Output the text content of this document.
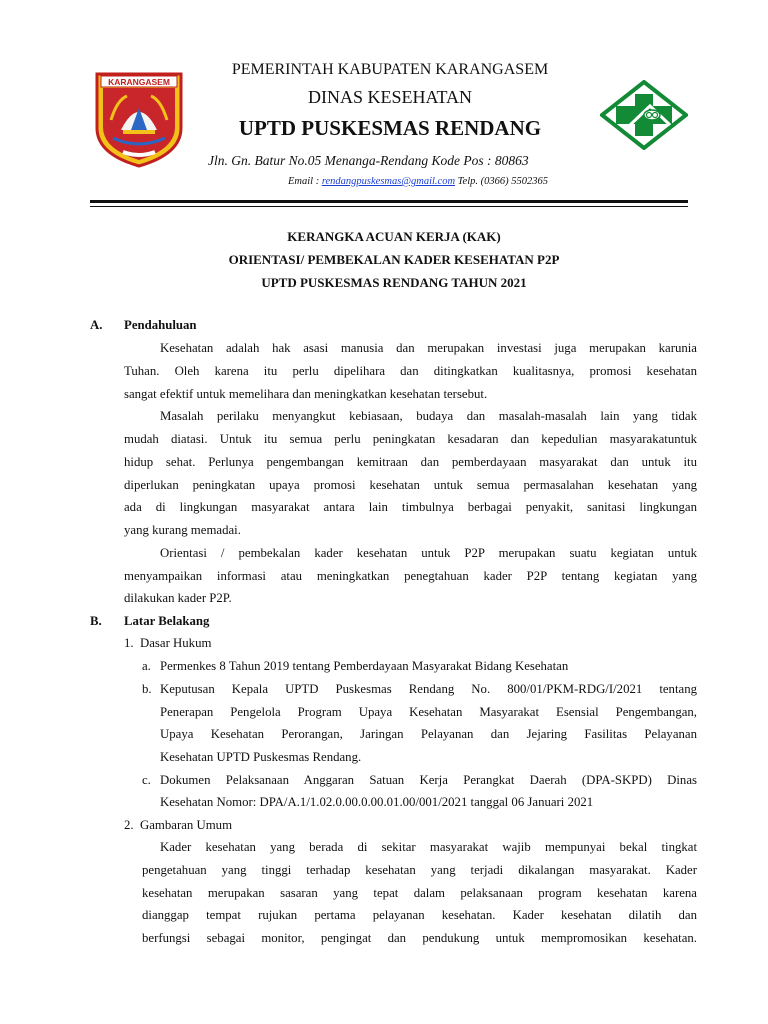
KARANGASEM
PEMERINTAH KABUPATEN KARANGASEM
DINAS KESEHATAN
UPTD PUSKESMAS RENDANG
Jln. Gn. Batur No.05 Menanga-Rendang Kode Pos : 80863
Email : rendangpuskesmas@gmail.com Telp. (0366) 5502365
KERANGKA ACUAN KERJA (KAK)
ORIENTASI/ PEMBEKALAN KADER KESEHATAN P2P
UPTD PUSKESMAS RENDANG TAHUN 2021
A. Pendahuluan
Kesehatan adalah hak asasi manusia dan merupakan investasi juga merupakan karunia
Tuhan. Oleh karena itu perlu dipelihara dan ditingkatkan kualitasnya, promosi kesehatan
sangat efektif untuk memelihara dan meningkatkan kesehatan tersebut.
Masalah perilaku menyangkut kebiasaan, budaya dan masalah-masalah lain yang tidak
mudah diatasi. Untuk itu semua perlu peningkatan kesadaran dan kepedulian masyarakatuntuk
hidup sehat. Perlunya pengembangan kemitraan dan pemberdayaan masyarakat dan untuk itu
diperlukan peningkatan upaya promosi kesehatan untuk semua permasalahan kesehatan yang
ada di lingkungan masyarakat antara lain timbulnya berbagai penyakit, sanitasi lingkungan
yang kurang memadai.
Orientasi / pembekalan kader kesehatan untuk P2P merupakan suatu kegiatan untuk
menyampaikan informasi atau meningkatkan penegtahuan kader P2P tentang kegiatan yang
dilakukan kader P2P.
B. Latar Belakang
1.  Dasar Hukum
a. Permenkes 8 Tahun 2019 tentang Pemberdayaan Masyarakat Bidang Kesehatan
b. Keputusan Kepala UPTD Puskesmas Rendang No. 800/01/PKM-RDG/I/2021 tentang
Penerapan Pengelola Program Upaya Kesehatan Masyarakat Esensial Pengembangan,
Upaya Kesehatan Perorangan, Jaringan Pelayanan dan Jejaring Fasilitas Pelayanan
Kesehatan UPTD Puskesmas Rendang.
c. Dokumen Pelaksanaan Anggaran Satuan Kerja Perangkat Daerah (DPA-SKPD) Dinas
Kesehatan Nomor: DPA/A.1/1.02.0.00.0.00.01.00/001/2021 tanggal 06 Januari 2021
2.  Gambaran Umum
Kader kesehatan yang berada di sekitar masyarakat wajib mempunyai bekal tingkat
pengetahuan yang tinggi terhadap kesehatan yang terjadi dikalangan masyarakat. Kader
kesehatan merupakan sasaran yang tepat dalam pelaksanaan program kesehatan karena
dianggap tempat rujukan pertama pelayanan kesehatan. Kader kesehatan dilatih dan
berfungsi sebagai monitor, pengingat dan pendukung untuk mempromosikan kesehatan.
